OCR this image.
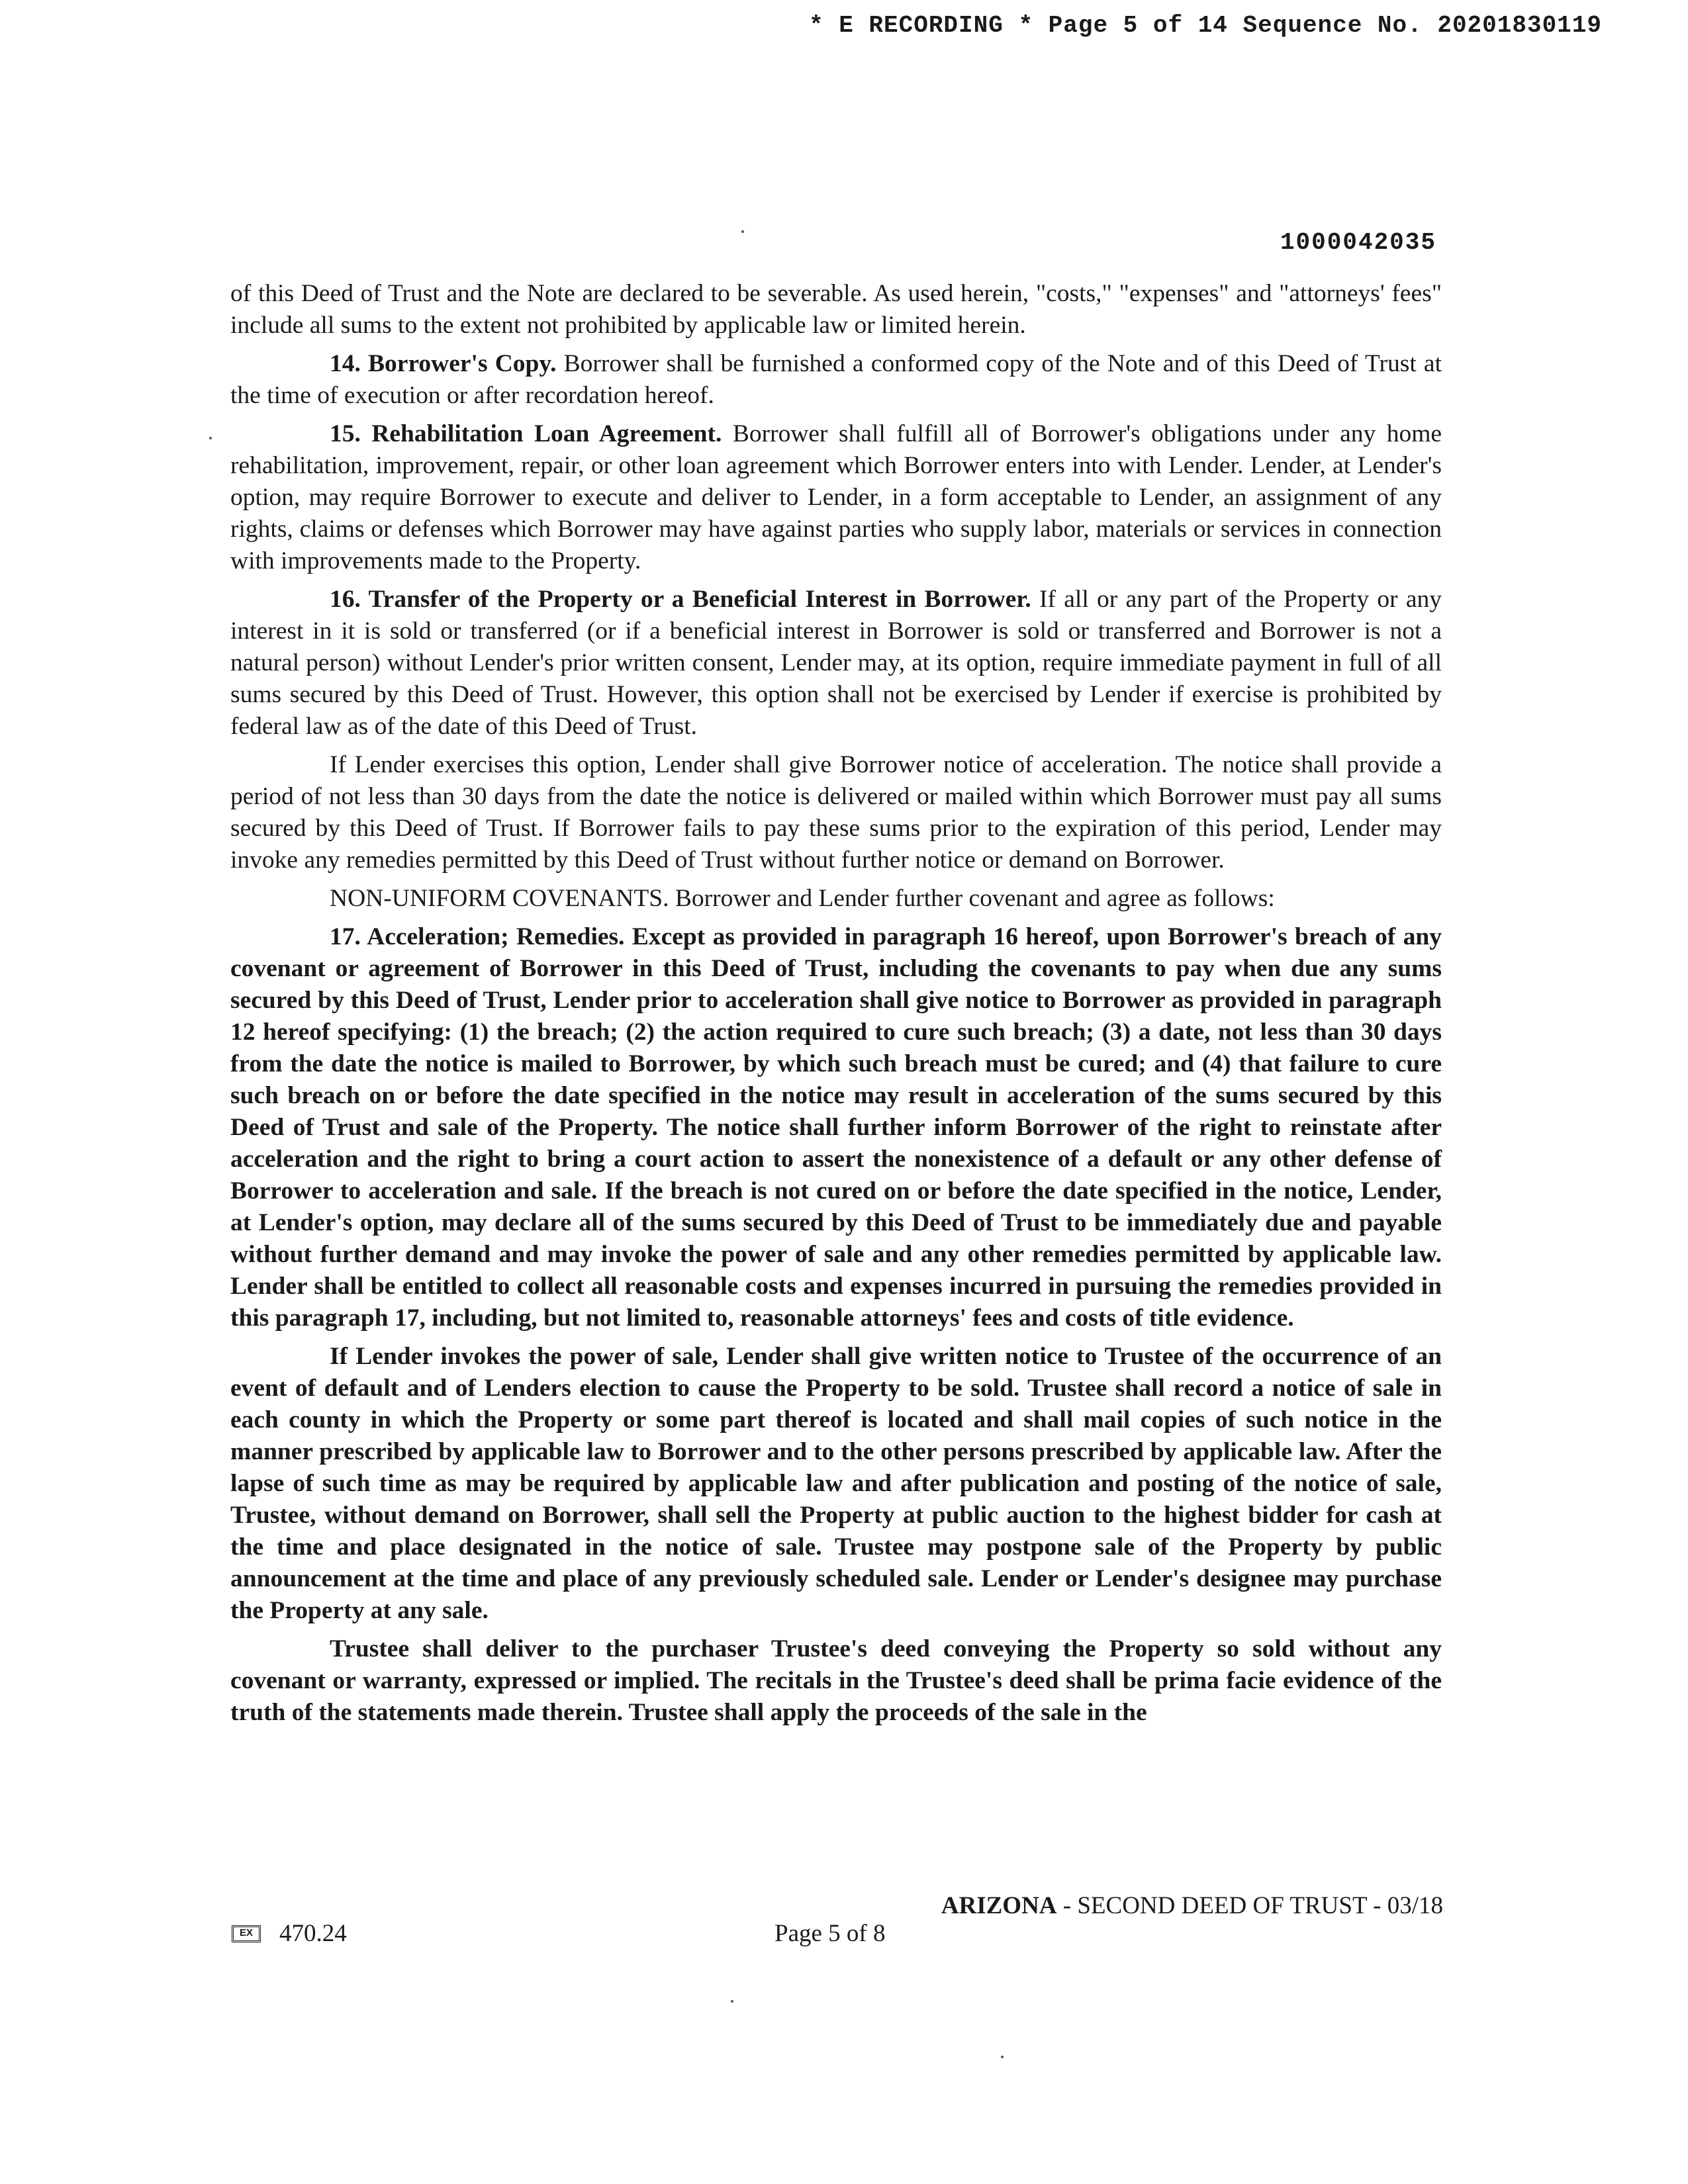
* E RECORDING * Page 5 of 14 Sequence No. 20201830119
1000042035

of this Deed of Trust and the Note are declared to be severable. As used herein, "costs," "expenses" and "attorneys' fees" include all sums to the extent not prohibited by applicable law or limited herein.

14. Borrower's Copy. Borrower shall be furnished a conformed copy of the Note and of this Deed of Trust at the time of execution or after recordation hereof.

15. Rehabilitation Loan Agreement. Borrower shall fulfill all of Borrower's obligations under any home rehabilitation, improvement, repair, or other loan agreement which Borrower enters into with Lender. Lender, at Lender's option, may require Borrower to execute and deliver to Lender, in a form acceptable to Lender, an assignment of any rights, claims or defenses which Borrower may have against parties who supply labor, materials or services in connection with improvements made to the Property.

16. Transfer of the Property or a Beneficial Interest in Borrower. If all or any part of the Property or any interest in it is sold or transferred (or if a beneficial interest in Borrower is sold or transferred and Borrower is not a natural person) without Lender's prior written consent, Lender may, at its option, require immediate payment in full of all sums secured by this Deed of Trust. However, this option shall not be exercised by Lender if exercise is prohibited by federal law as of the date of this Deed of Trust.

If Lender exercises this option, Lender shall give Borrower notice of acceleration. The notice shall provide a period of not less than 30 days from the date the notice is delivered or mailed within which Borrower must pay all sums secured by this Deed of Trust. If Borrower fails to pay these sums prior to the expiration of this period, Lender may invoke any remedies permitted by this Deed of Trust without further notice or demand on Borrower.

NON-UNIFORM COVENANTS. Borrower and Lender further covenant and agree as follows:

17. Acceleration; Remedies. Except as provided in paragraph 16 hereof, upon Borrower's breach of any covenant or agreement of Borrower in this Deed of Trust, including the covenants to pay when due any sums secured by this Deed of Trust, Lender prior to acceleration shall give notice to Borrower as provided in paragraph 12 hereof specifying: (1) the breach; (2) the action required to cure such breach; (3) a date, not less than 30 days from the date the notice is mailed to Borrower, by which such breach must be cured; and (4) that failure to cure such breach on or before the date specified in the notice may result in acceleration of the sums secured by this Deed of Trust and sale of the Property. The notice shall further inform Borrower of the right to reinstate after acceleration and the right to bring a court action to assert the nonexistence of a default or any other defense of Borrower to acceleration and sale. If the breach is not cured on or before the date specified in the notice, Lender, at Lender's option, may declare all of the sums secured by this Deed of Trust to be immediately due and payable without further demand and may invoke the power of sale and any other remedies permitted by applicable law. Lender shall be entitled to collect all reasonable costs and expenses incurred in pursuing the remedies provided in this paragraph 17, including, but not limited to, reasonable attorneys' fees and costs of title evidence.

If Lender invokes the power of sale, Lender shall give written notice to Trustee of the occurrence of an event of default and of Lenders election to cause the Property to be sold. Trustee shall record a notice of sale in each county in which the Property or some part thereof is located and shall mail copies of such notice in the manner prescribed by applicable law to Borrower and to the other persons prescribed by applicable law. After the lapse of such time as may be required by applicable law and after publication and posting of the notice of sale, Trustee, without demand on Borrower, shall sell the Property at public auction to the highest bidder for cash at the time and place designated in the notice of sale. Trustee may postpone sale of the Property by public announcement at the time and place of any previously scheduled sale. Lender or Lender's designee may purchase the Property at any sale.

Trustee shall deliver to the purchaser Trustee's deed conveying the Property so sold without any covenant or warranty, expressed or implied. The recitals in the Trustee's deed shall be prima facie evidence of the truth of the statements made therein. Trustee shall apply the proceeds of the sale in the

ARIZONA - SECOND DEED OF TRUST - 03/18
EX	470.24	Page 5 of 8
